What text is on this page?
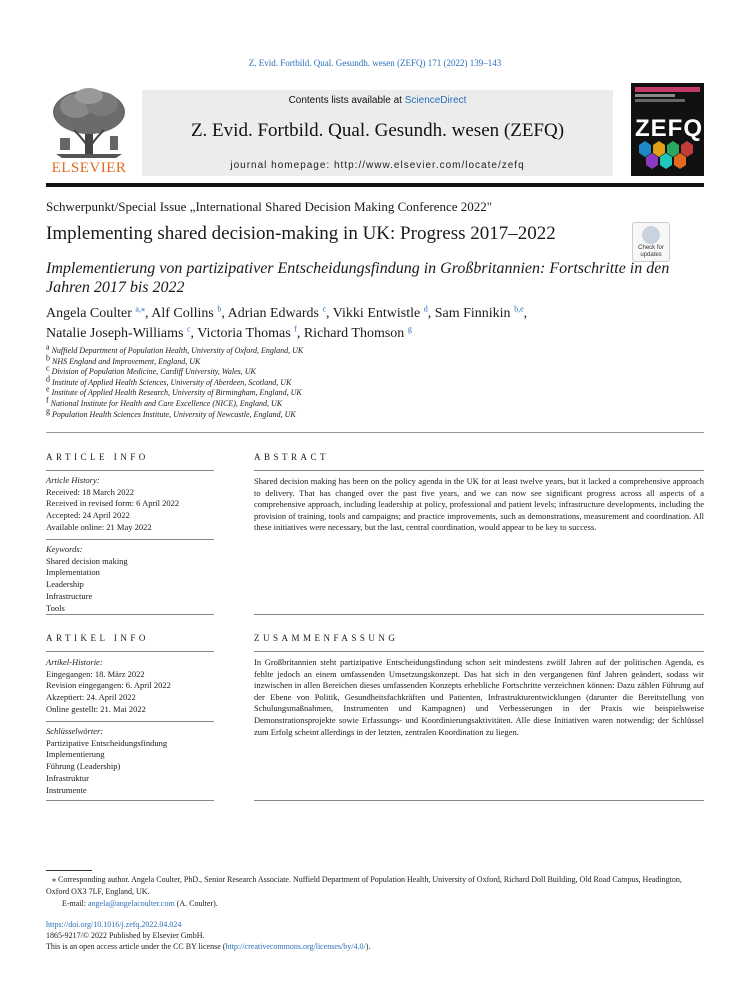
Z. Evid. Fortbild. Qual. Gesundh. wesen (ZEFQ) 171 (2022) 139–143
ELSEVIER
Contents lists available at ScienceDirect
Z. Evid. Fortbild. Qual. Gesundh. wesen (ZEFQ)
journal homepage: http://www.elsevier.com/locate/zefq
ZEFQ
Schwerpunkt/Special Issue „International Shared Decision Making Conference 2022"
Implementing shared decision-making in UK: Progress 2017–2022
Check for updates
Implementierung von partizipativer Entscheidungsfindung in Großbritannien: Fortschritte in den Jahren 2017 bis 2022
Angela Coulter $^{a,⁎}$, Alf Collins $^b$, Adrian Edwards $^c$, Vikki Entwistle $^d$, Sam Finnikin $^{b,e}$,
Natalie Joseph-Williams $^c$, Victoria Thomas $^f$, Richard Thomson $^g$
$^a$ Nuffield Department of Population Health, University of Oxford, England, UK
$^b$ NHS England and Improvement, England, UK
$^c$ Division of Population Medicine, Cardiff University, Wales, UK
$^d$ Institute of Applied Health Sciences, University of Aberdeen, Scotland, UK
$^e$ Institute of Applied Health Research, University of Birmingham, England, UK
$^f$ National Institute for Health and Care Excellence (NICE), England, UK
$^g$ Population Health Sciences Institute, University of Newcastle, England, UK
ARTICLE INFO
Article History:
Received: 18 March 2022
Received in revised form: 6 April 2022
Accepted: 24 April 2022
Available online: 21 May 2022
Keywords:
Shared decision making
Implementation
Leadership
Infrastructure
Tools
ABSTRACT
Shared decision making has been on the policy agenda in the UK for at least twelve years, but it lacked a comprehensive approach to delivery. That has changed over the past five years, and we can now see significant progress across all aspects of a comprehensive approach, including leadership at policy, professional and patient levels; infrastructure developments, including the provision of training, tools and campaigns; and practice improvements, such as demonstrations, measurement and coordination. All these initiatives were necessary, but the last, central coordination, would appear to be key to success.
ARTIKEL INFO
Artikel-Historie:
Eingegangen: 18. März 2022
Revision eingegangen: 6. April 2022
Akzeptiert: 24. April 2022
Online gestellt: 21. Mai 2022
Schlüsselwörter:
Partizipative Entscheidungsfindung
Implementierung
Führung (Leadership)
Infrastruktur
Instrumente
ZUSAMMENFASSUNG
In Großbritannien steht partizipative Entscheidungsfindung schon seit mindestens zwölf Jahren auf der politischen Agenda, es fehlte jedoch an einem umfassenden Umsetzungskonzept. Das hat sich in den vergangenen fünf Jahren geändert, sodass wir inzwischen in allen Bereichen dieses umfassenden Konzepts erhebliche Fortschritte verzeichnen können: Dazu zählen Führung auf der Ebene von Politik, Gesundheitsfachkräften und Patienten, Infrastrukturentwicklungen (darunter die Bereitstellung von Schulungsmaßnahmen, Instrumenten und Kampagnen) und Verbesserungen in der Praxis wie beispielsweise Demonstrationsprojekte sowie Erfassungs- und Koordinierungsaktivitäten. Alle diese Initiativen waren notwendig; der Schlüssel zum Erfolg scheint allerdings in der letzten, zentralen Koordination zu liegen.
⁎ Corresponding author. Angela Coulter, PhD., Senior Research Associate. Nuffield Department of Population Health, University of Oxford, Richard Doll Building, Old Road Campus, Headington, Oxford OX3 7LF, England, UK.
E-mail: angela@angelacoulter.com (A. Coulter).
https://doi.org/10.1016/j.zefq.2022.04.024
1865-9217/© 2022 Published by Elsevier GmbH.
This is an open access article under the CC BY license (http://creativecommons.org/licenses/by/4.0/).
